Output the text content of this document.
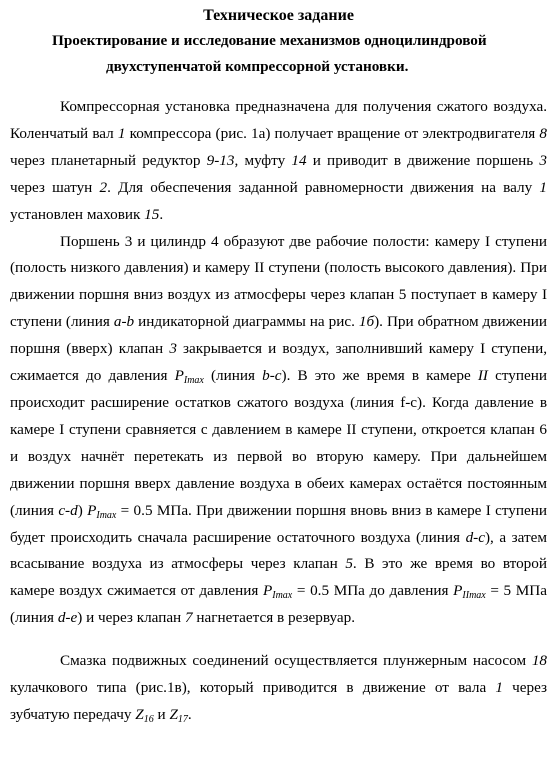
Техническое задание
Проектирование и исследование механизмов одноцилиндровой
двухступенчатой компрессорной установки.

Компрессорная установка предназначена для получения сжатого воздуха. Коленчатый вал 1 компрессора (рис. 1а) получает вращение от электродвигателя 8 через планетарный редуктор 9-13, муфту 14 и приводит в движение поршень 3 через шатун 2. Для обеспечения заданной равномерности движения на валу 1 установлен маховик 15.

Поршень 3 и цилиндр 4 образуют две рабочие полости: камеру I ступени (полость низкого давления) и камеру II ступени (полость высокого давления). При движении поршня вниз воздух из атмосферы через клапан 5 поступает в камеру I ступени (линия a-b индикаторной диаграммы на рис. 1б). При обратном движении поршня (вверх) клапан 3 закрывается и воздух, заполнивший камеру I ступени, сжимается до давления $P_{Imax}$ (линия b-c). В это же время в камере II ступени происходит расширение остатков сжатого воздуха (линия f-c). Когда давление в камере I ступени сравняется с давлением в камере II ступени, откроется клапан 6 и воздух начнёт перетекать из первой во вторую камеру. При дальнейшем движении поршня вверх давление воздуха в обеих камерах остаётся постоянным (линия c-d) $P_{Imax} = 0.5$ МПа. При движении поршня вновь вниз в камере I ступени будет происходить сначала расширение остаточного воздуха (линия d-c), а затем всасывание воздуха из атмосферы через клапан 5. В это же время во второй камере воздух сжимается от давления $P_{Imax} = 0.5$ МПа до давления $P_{IImax} = 5$ МПа (линия d-e) и через клапан 7 нагнетается в резервуар.

Смазка подвижных соединений осуществляется плунжерным насосом 18 кулачкового типа (рис.1в), который приводится в движение от вала 1 через зубчатую передачу $Z_{16}$ и $Z_{17}$.
